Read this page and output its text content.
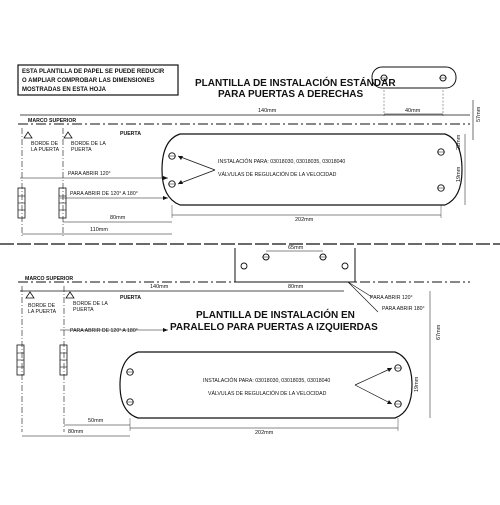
ESTA PLANTILLA DE PAPEL SE PUEDE REDUCIR
O AMPLIAR COMPROBAR LAS DIMENSIONES
MOSTRADAS EN ESTA HOJA
PLANTILLA DE INSTALACIÓN ESTÁNDAR
PARA PUERTAS A DERECHAS
40mm
140mm
MARCO SUPERIOR
PUERTA
57mm
BORDE DE
LA PUERTA
BORDE DE LA
PUERTA
PARA ABRIR 120°
PARA ABRIR DE 120° A 180°
INSTALACIÓN PARA: 03018030, 03018035, 03018040
VÁLVULAS DE REGULACIÓN DE LA VELOCIDAD
22mm
19mm
202mm
80mm
110mm
65mm
140mm	80mm
MARCO SUPERIOR
PUERTA
BORDE DE
LA PUERTA
BORDE DE LA
PUERTA	PLANTILLA DE INSTALACIÓN EN
PARALELO PARA PUERTAS A IZQUIERDAS
PARA ABRIR 120°
PARA ABRIR 180°
PARA ABRIR DE 120° A 180°
INSTALACIÓN PARA: 03018030, 03018035, 03018040
VÁLVULAS DE REGULACIÓN DE LA VELOCIDAD
67mm
19mm
50mm
80mm	202mm
